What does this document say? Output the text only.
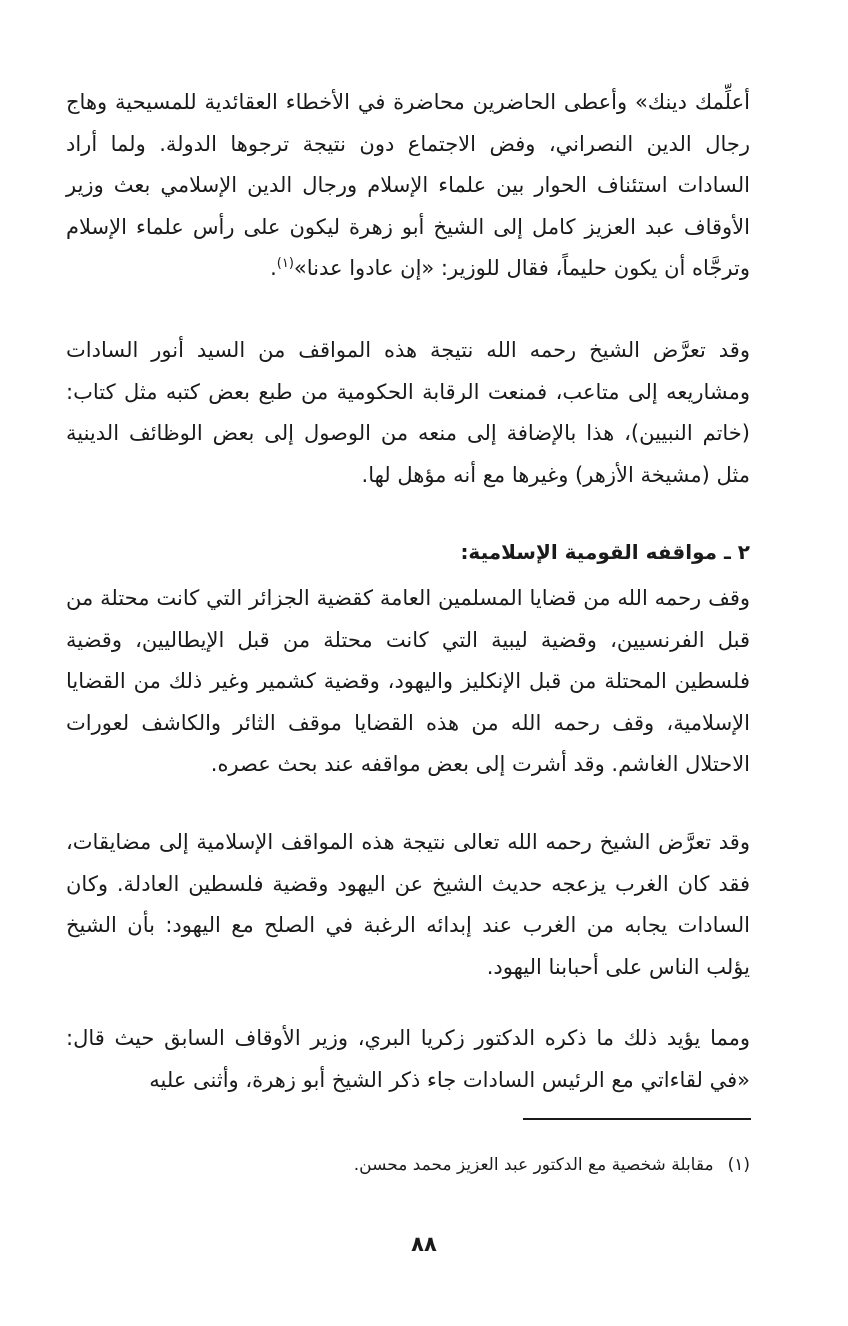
أعلِّمك دينك» وأعطى الحاضرين محاضرة في الأخطاء العقائدية للمسيحية وهاج رجال الدين النصراني، وفض الاجتماع دون نتيجة ترجوها الدولة. ولما أراد السادات استئناف الحوار بين علماء الإسلام ورجال الدين الإسلامي بعث وزير الأوقاف عبد العزيز كامل إلى الشيخ أبو زهرة ليكون على رأس علماء الإسلام وترجَّاه أن يكون حليماً، فقال للوزير: «إن عادوا عدنا»$^{(١)}$.

وقد تعرَّض الشيخ رحمه الله نتيجة هذه المواقف من السيد أنور السادات ومشاريعه إلى متاعب، فمنعت الرقابة الحكومية من طبع بعض كتبه مثل كتاب: (خاتم النبيين)، هذا بالإضافة إلى منعه من الوصول إلى بعض الوظائف الدينية مثل (مشيخة الأزهر) وغيرها مع أنه مؤهل لها.

٢ ـ مواقفه القومية الإسلامية:

وقف رحمه الله من قضايا المسلمين العامة كقضية الجزائر التي كانت محتلة من قبل الفرنسيين، وقضية ليبية التي كانت محتلة من قبل الإيطاليين، وقضية فلسطين المحتلة من قبل الإنكليز واليهود، وقضية كشمير وغير ذلك من القضايا الإسلامية، وقف رحمه الله من هذه القضايا موقف الثائر والكاشف لعورات الاحتلال الغاشم. وقد أشرت إلى بعض مواقفه عند بحث عصره.

وقد تعرَّض الشيخ رحمه الله تعالى نتيجة هذه المواقف الإسلامية إلى مضايقات، فقد كان الغرب يزعجه حديث الشيخ عن اليهود وقضية فلسطين العادلة. وكان السادات يجابه من الغرب عند إبدائه الرغبة في الصلح مع اليهود: بأن الشيخ يؤلب الناس على أحبابنا اليهود.

ومما يؤيد ذلك ما ذكره الدكتور زكريا البري، وزير الأوقاف السابق حيث قال: «في لقاءاتي مع الرئيس السادات جاء ذكر الشيخ أبو زهرة، وأثنى عليه

(١)مقابلة شخصية مع الدكتور عبد العزيز محمد محسن.

٨٨
